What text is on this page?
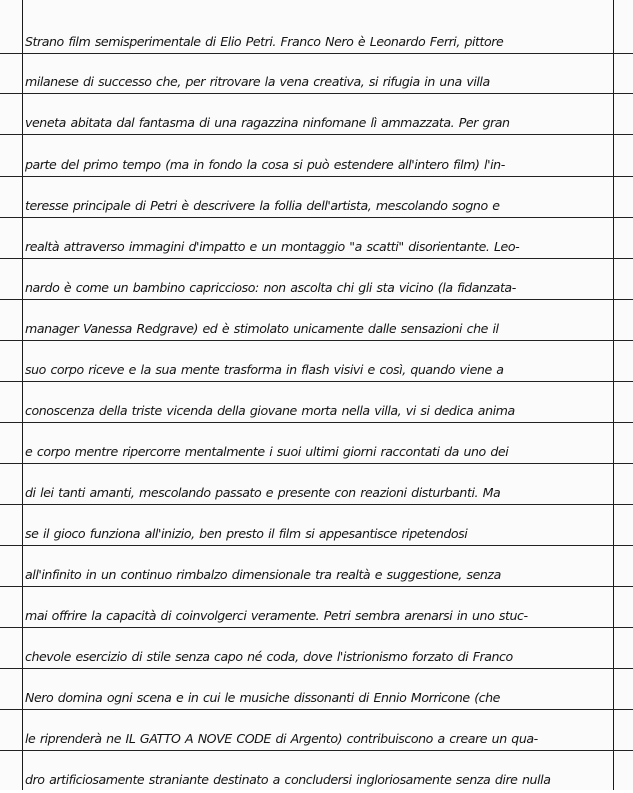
Strano film semisperimentale di Elio Petri. Franco Nero è Leonardo Ferri, pittore
milanese di successo che, per ritrovare la vena creativa, si rifugia in una villa
veneta abitata dal fantasma di una ragazzina ninfomane lì ammazzata. Per gran
parte del primo tempo (ma in fondo la cosa si può estendere all'intero film) l'in-
teresse principale di Petri è descrivere la follia dell'artista, mescolando sogno e
realtà attraverso immagini d'impatto e un montaggio "a scatti" disorientante. Leo-
nardo è come un bambino capriccioso: non ascolta chi gli sta vicino (la fidanzata-
manager Vanessa Redgrave) ed è stimolato unicamente dalle sensazioni che il
suo corpo riceve e la sua mente trasforma in flash visivi e così, quando viene a
conoscenza della triste vicenda della giovane morta nella villa, vi si dedica anima
e corpo mentre ripercorre mentalmente i suoi ultimi giorni raccontati da uno dei
di lei tanti amanti, mescolando passato e presente con reazioni disturbanti. Ma
se il gioco funziona all'inizio, ben presto il film si appesantisce ripetendosi
all'infinito in un continuo rimbalzo dimensionale tra realtà e suggestione, senza
mai offrire la capacità di coinvolgerci veramente. Petri sembra arenarsi in uno stuc-
chevole esercizio di stile senza capo né coda, dove l'istrionismo forzato di Franco
Nero domina ogni scena e in cui le musiche dissonanti di Ennio Morricone (che
le riprenderà ne IL GATTO A NOVE CODE di Argento) contribuiscono a creare un qua-
dro artificiosamente straniante destinato a concludersi ingloriosamente senza dire nulla
